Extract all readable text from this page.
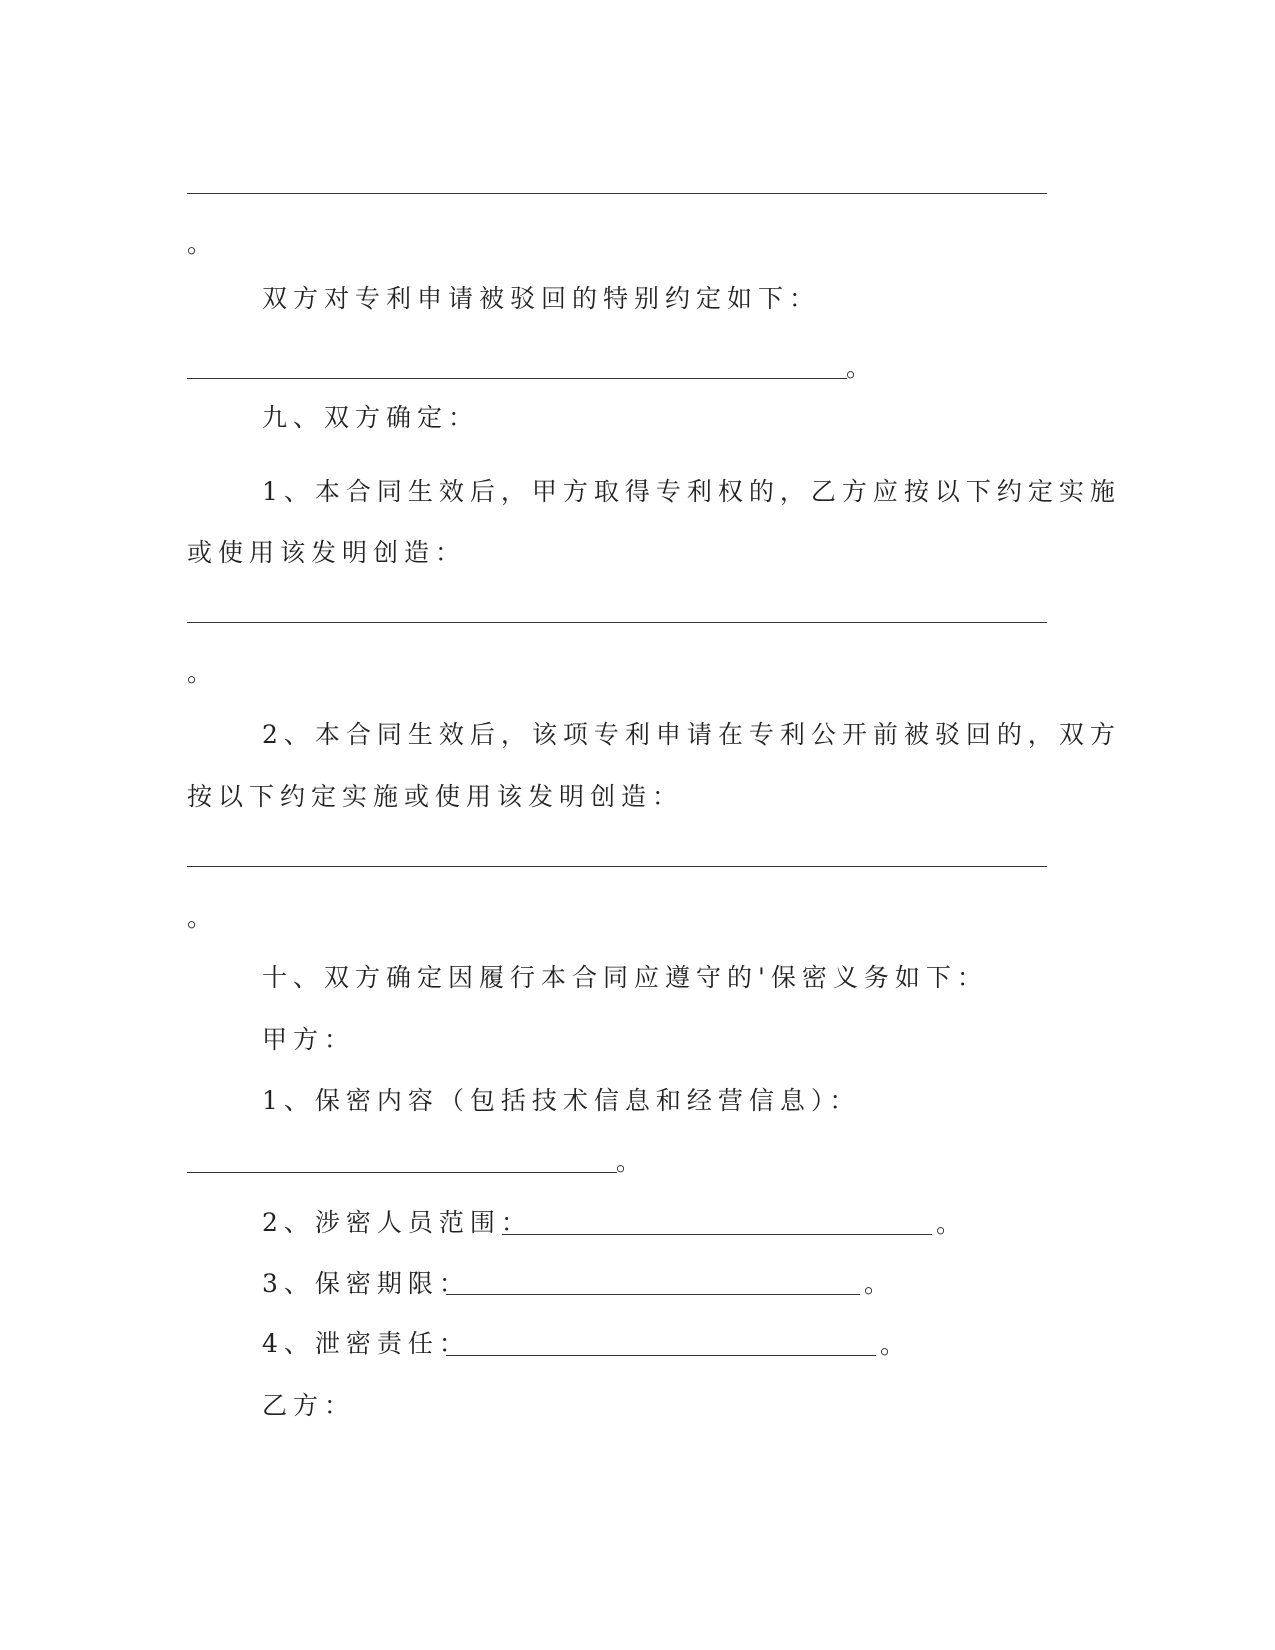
。
双方对专利申请被驳回的特别约定如下：
。
九、双方确定：
1、本合同生效后，甲方取得专利权的，乙方应按以下约定实施
或使用该发明创造：
。
2、本合同生效后，该项专利申请在专利公开前被驳回的，双方
按以下约定实施或使用该发明创造：
。
十、双方确定因履行本合同应遵守的'保密义务如下：
甲方：
1、保密内容（包括技术信息和经营信息）：
。
2、涉密人员范围：	。
3、保密期限：	。
4、泄密责任：	。
乙方：
